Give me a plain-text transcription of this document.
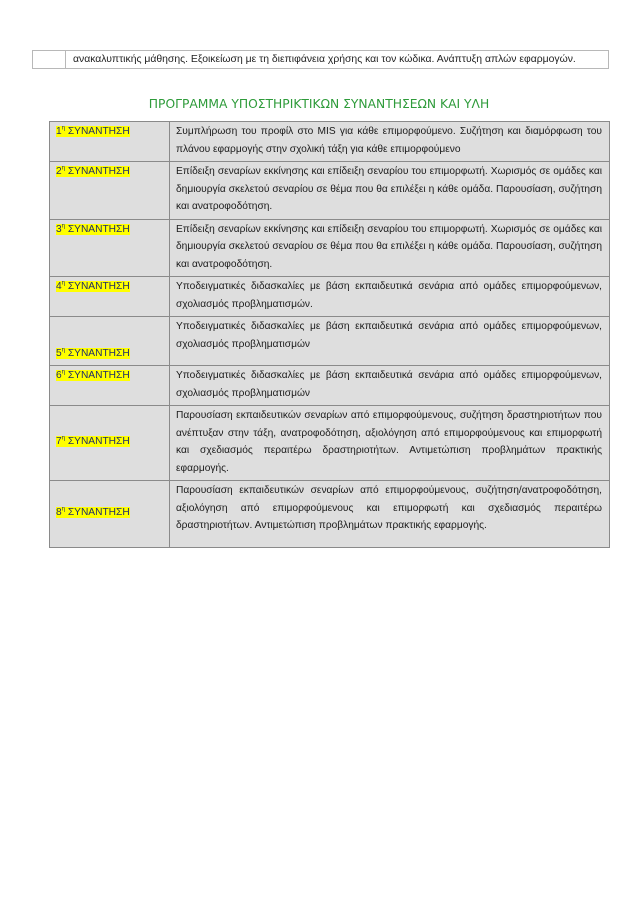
ανακαλυπτικής μάθησης. Εξοικείωση με τη διεπιφάνεια χρήσης και τον κώδικα. Ανάπτυξη απλών εφαρμογών.
ΠΡΟΓΡΑΜΜΑ ΥΠΟΣΤΗΡΙΚΤΙΚΩΝ ΣΥΝΑΝΤΗΣΕΩΝ ΚΑΙ ΥΛΗ
$1^\eta$ ΣΥΝΑΝΤΗΣΗ	Συμπλήρωση του προφίλ στο MIS για κάθε επιμορφούμενο. Συζήτηση και διαμόρφωση του πλάνου εφαρμογής στην σχολική τάξη για κάθε επιμορφούμενο
$2^\eta$ ΣΥΝΑΝΤΗΣΗ	Επίδειξη σεναρίων εκκίνησης και επίδειξη σεναρίου του επιμορφωτή. Χωρισμός σε ομάδες και δημιουργία σκελετού σεναρίου σε θέμα που θα επιλέξει η κάθε ομάδα. Παρουσίαση, συζήτηση και ανατροφοδότηση.
$3^\eta$ ΣΥΝΑΝΤΗΣΗ	Επίδειξη σεναρίων εκκίνησης και επίδειξη σεναρίου του επιμορφωτή. Χωρισμός σε ομάδες και δημιουργία σκελετού σεναρίου σε θέμα που θα επιλέξει η κάθε ομάδα. Παρουσίαση, συζήτηση και ανατροφοδότηση.
$4^\eta$ ΣΥΝΑΝΤΗΣΗ	Υποδειγματικές διδασκαλίες με βάση εκπαιδευτικά σενάρια από ομάδες επιμορφούμενων, σχολιασμός προβληματισμών.
$5^\eta$ ΣΥΝΑΝΤΗΣΗ	Υποδειγματικές διδασκαλίες με βάση εκπαιδευτικά σενάρια από ομάδες επιμορφούμενων, σχολιασμός προβληματισμών
$6^\eta$ ΣΥΝΑΝΤΗΣΗ	Υποδειγματικές διδασκαλίες με βάση εκπαιδευτικά σενάρια από ομάδες επιμορφούμενων, σχολιασμός προβληματισμών
$7^\eta$ ΣΥΝΑΝΤΗΣΗ	Παρουσίαση εκπαιδευτικών σεναρίων από επιμορφούμενους, συζήτηση δραστηριοτήτων που ανέπτυξαν στην τάξη, ανατροφοδότηση, αξιολόγηση από επιμορφούμενους και επιμορφωτή και σχεδιασμός περαιτέρω δραστηριοτήτων. Αντιμετώπιση προβλημάτων πρακτικής εφαρμογής.
$8^\eta$ ΣΥΝΑΝΤΗΣΗ	Παρουσίαση εκπαιδευτικών σεναρίων από επιμορφούμενους, συζήτηση/ανατροφοδότηση, αξιολόγηση από επιμορφούμενους και επιμορφωτή και σχεδιασμός περαιτέρω δραστηριοτήτων. Αντιμετώπιση προβλημάτων πρακτικής εφαρμογής.
